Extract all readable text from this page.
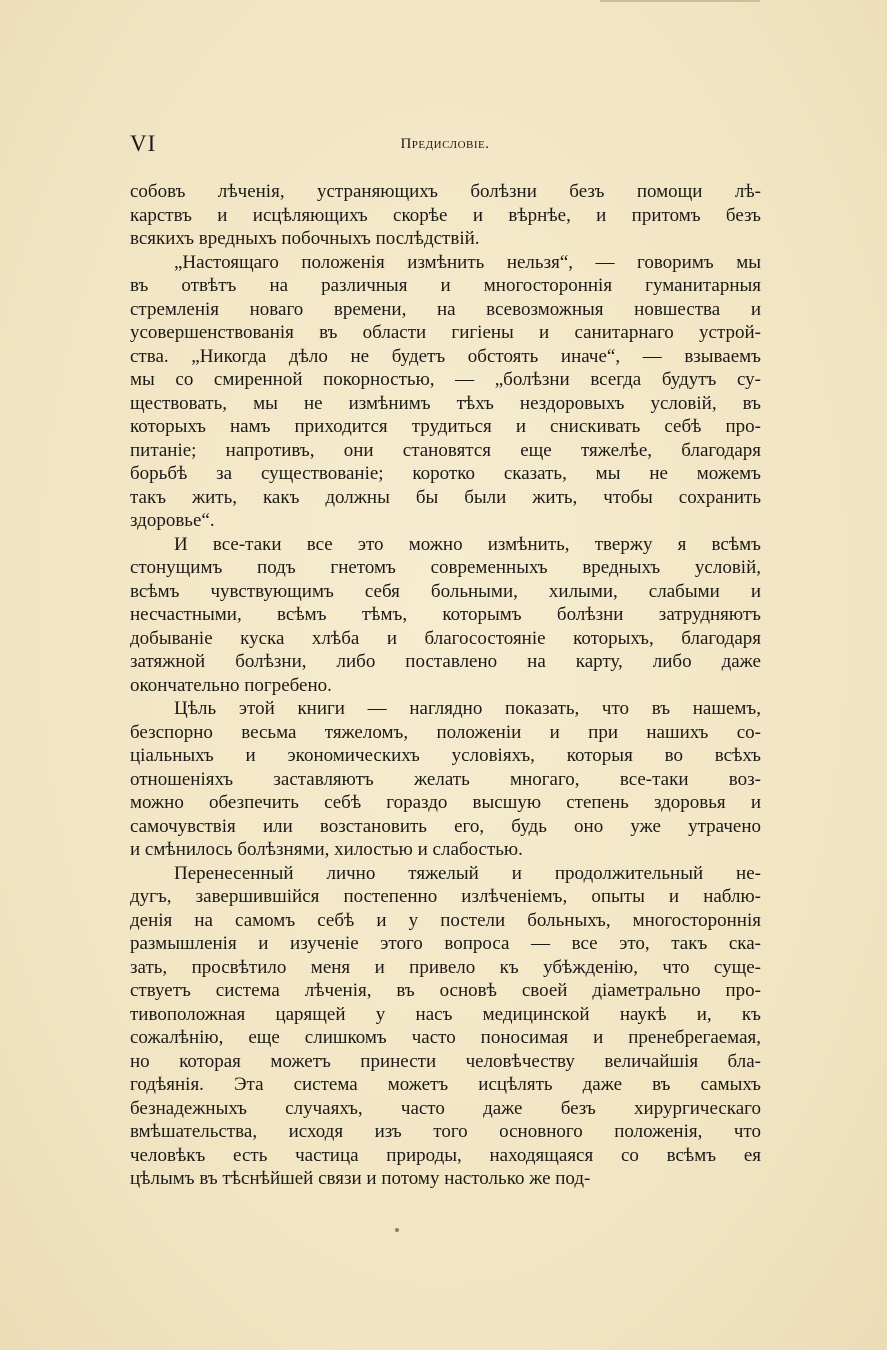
VI	Предисловіе.
собовъ лѣченія, устраняющихъ болѣзни безъ помощи лѣ-
карствъ и исцѣляющихъ скорѣе и вѣрнѣе, и притомъ безъ
всякихъ вредныхъ побочныхъ послѣдствій.
„Настоящаго положенія измѣнить нельзя“, — говоримъ мы
въ отвѣтъ на различныя и многостороннія гуманитарныя
стремленія новаго времени, на всевозможныя новшества и
усовершенствованія въ области гигіены и санитарнаго устрой-
ства. „Никогда дѣло не будетъ обстоять иначе“, — взываемъ
мы со смиренной покорностью, — „болѣзни всегда будутъ су-
ществовать, мы не измѣнимъ тѣхъ нездоровыхъ условій, въ
которыхъ намъ приходится трудиться и снискивать себѣ про-
питаніе; напротивъ, они становятся еще тяжелѣе, благодаря
борьбѣ за существованіе; коротко сказать, мы не можемъ
такъ жить, какъ должны бы были жить, чтобы сохранить
здоровье“.
И все-таки все это можно измѣнить, твержу я всѣмъ
стонущимъ подъ гнетомъ современныхъ вредныхъ условій,
всѣмъ чувствующимъ себя больными, хилыми, слабыми и
несчастными, всѣмъ тѣмъ, которымъ болѣзни затрудняютъ
добываніе куска хлѣба и благосостояніе которыхъ, благодаря
затяжной болѣзни, либо поставлено на карту, либо даже
окончательно погребено.
Цѣль этой книги — наглядно показать, что въ нашемъ,
безспорно весьма тяжеломъ, положеніи и при нашихъ со-
ціальныхъ и экономическихъ условіяхъ, которыя во всѣхъ
отношеніяхъ заставляютъ желать многаго, все-таки воз-
можно обезпечить себѣ гораздо высшую степень здоровья и
самочувствія или возстановить его, будь оно уже утрачено
и смѣнилось болѣзнями, хилостью и слабостью.
Перенесенный лично тяжелый и продолжительный не-
дугъ, завершившійся постепенно излѣченіемъ, опыты и наблю-
денія на самомъ себѣ и у постели больныхъ, многостороннія
размышленія и изученіе этого вопроса — все это, такъ ска-
зать, просвѣтило меня и привело къ убѣжденію, что суще-
ствуетъ система лѣченія, въ основѣ своей діаметрально про-
тивоположная царящей у насъ медицинской наукѣ и, къ
сожалѣнію, еще слишкомъ часто поносимая и пренебрегаемая,
но которая можетъ принести человѣчеству величайшія бла-
годѣянія. Эта система можетъ исцѣлять даже въ самыхъ
безнадежныхъ случаяхъ, часто даже безъ хирургическаго
вмѣшательства, исходя изъ того основного положенія, что
человѣкъ есть частица природы, находящаяся со всѣмъ ея
цѣлымъ въ тѣснѣйшей связи и потому настолько же под-
